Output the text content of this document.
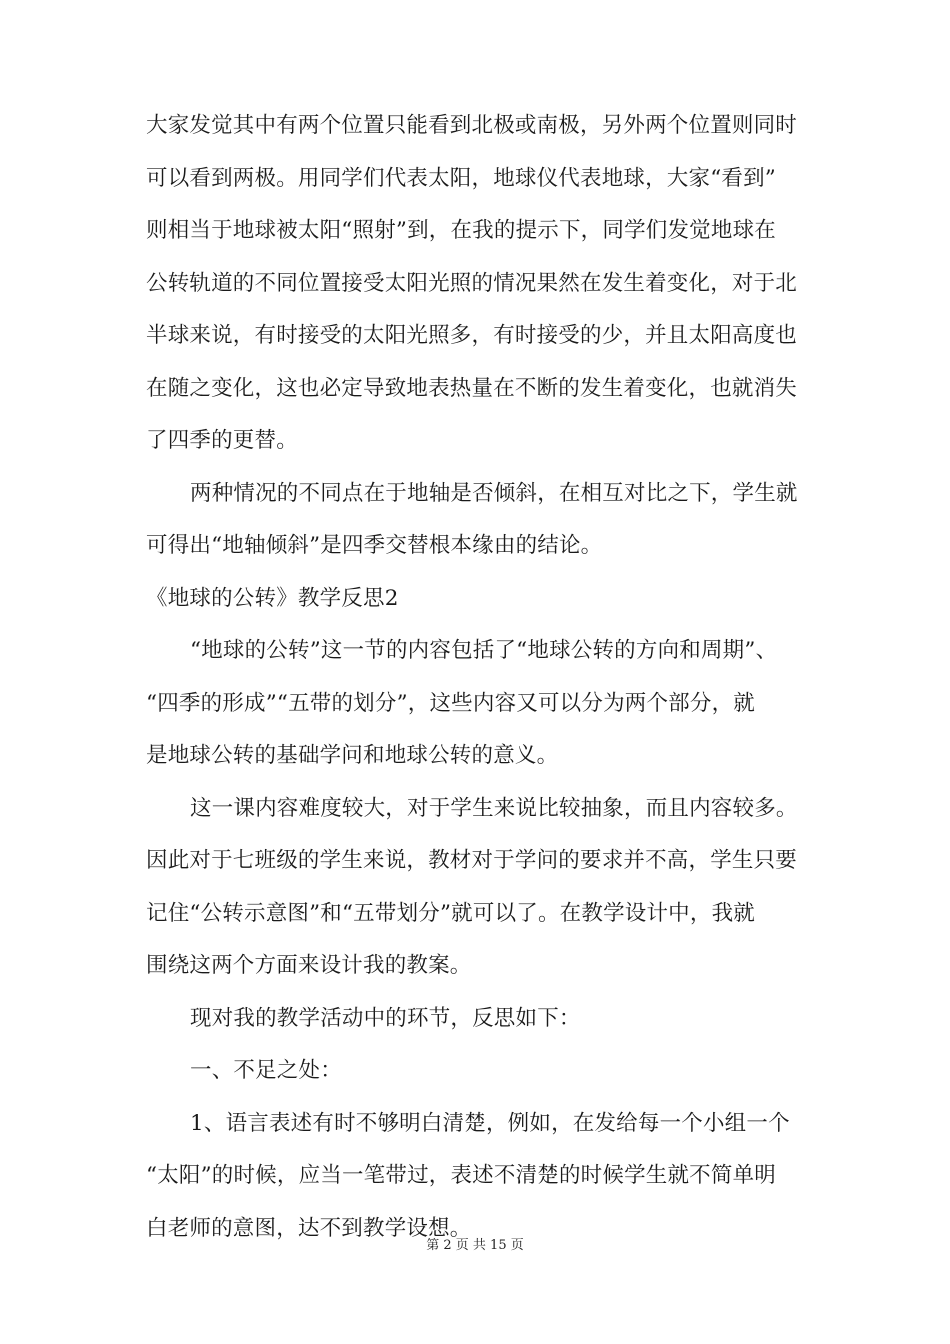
大家发觉其中有两个位置只能看到北极或南极，另外两个位置则同时
可以看到两极。用同学们代表太阳，地球仪代表地球，大家“看到”
则相当于地球被太阳“照射”到，在我的提示下，同学们发觉地球在
公转轨道的不同位置接受太阳光照的情况果然在发生着变化，对于北
半球来说，有时接受的太阳光照多，有时接受的少，并且太阳高度也
在随之变化，这也必定导致地表热量在不断的发生着变化，也就消失
了四季的更替。
两种情况的不同点在于地轴是否倾斜，在相互对比之下，学生就
可得出“地轴倾斜”是四季交替根本缘由的结论。
《地球的公转》教学反思2
“地球的公转”这一节的内容包括了“地球公转的方向和周期”、
“四季的形成”“五带的划分”，这些内容又可以分为两个部分，就
是地球公转的基础学问和地球公转的意义。
这一课内容难度较大，对于学生来说比较抽象，而且内容较多。
因此对于七班级的学生来说，教材对于学问的要求并不高，学生只要
记住“公转示意图”和“五带划分”就可以了。在教学设计中，我就
围绕这两个方面来设计我的教案。
现对我的教学活动中的环节，反思如下：
一、不足之处：
1、语言表述有时不够明白清楚，例如，在发给每一个小组一个
“太阳”的时候，应当一笔带过，表述不清楚的时候学生就不简单明
白老师的意图，达不到教学设想。
第 2 页 共 15 页
